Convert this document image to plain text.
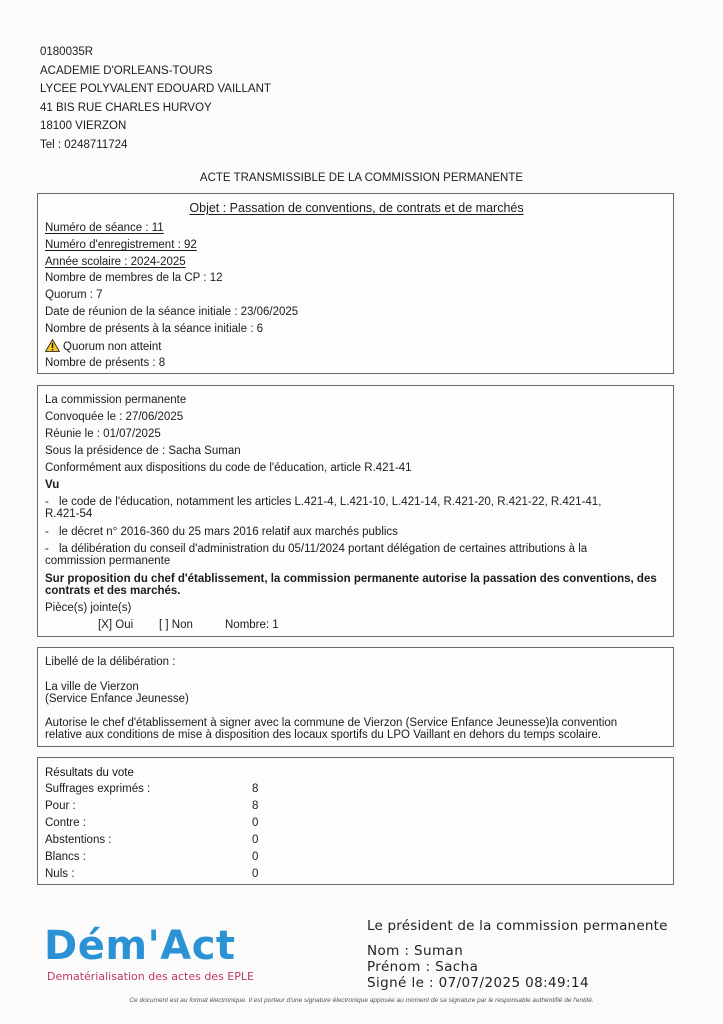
0180035R
ACADEMIE D'ORLEANS-TOURS
LYCEE POLYVALENT EDOUARD VAILLANT
41 BIS RUE CHARLES HURVOY
18100 VIERZON
Tel : 0248711724
ACTE TRANSMISSIBLE DE LA COMMISSION PERMANENTE
Objet : Passation de conventions, de contrats et de marchés
Numéro de séance : 11
Numéro d'enregistrement : 92
Année scolaire : 2024-2025
Nombre de membres de la CP : 12
Quorum : 7
Date de réunion de la séance initiale : 23/06/2025
Nombre de présents à la séance initiale : 6
Quorum non atteint
Nombre de présents : 8
La commission permanente
Convoquée le : 27/06/2025
Réunie le : 01/07/2025
Sous la présidence de : Sacha Suman
Conformément aux dispositions du code de l'éducation, article R.421-41
Vu
- le code de l'éducation, notamment les articles L.421-4, L.421-10, L.421-14, R.421-20, R.421-22, R.421-41,
R.421-54
- le décret n° 2016-360 du 25 mars 2016 relatif aux marchés publics
- la délibération du conseil d'administration du 05/11/2024 portant délégation de certaines attributions à la
commission permanente
Sur proposition du chef d'établissement, la commission permanente autorise la passation des conventions, des
contrats et des marchés.
Pièce(s) jointe(s)
[X] Oui [ ] Non	Nombre: 1
Libellé de la délibération :
La ville de Vierzon
(Service Enfance Jeunesse)
Autorise le chef d'établissement à signer avec la commune de Vierzon (Service Enfance Jeunesse)la convention
relative aux conditions de mise à disposition des locaux sportifs du LPO Vaillant en dehors du temps scolaire.
Résultats du vote
Suffrages exprimés :	8
Pour :	8
Contre :	0
Abstentions :	0
Blancs :	0
Nuls :	0
Dém'Act
Dematérialisation des actes des EPLE
Le président de la commission permanente
Nom : Suman
Prénom : Sacha
Signé le : 07/07/2025 08:49:14
Ce document est au format électronique. Il est porteur d'une signature électronique apposée au moment de sa signature par le responsable authentifié de l'entité.
